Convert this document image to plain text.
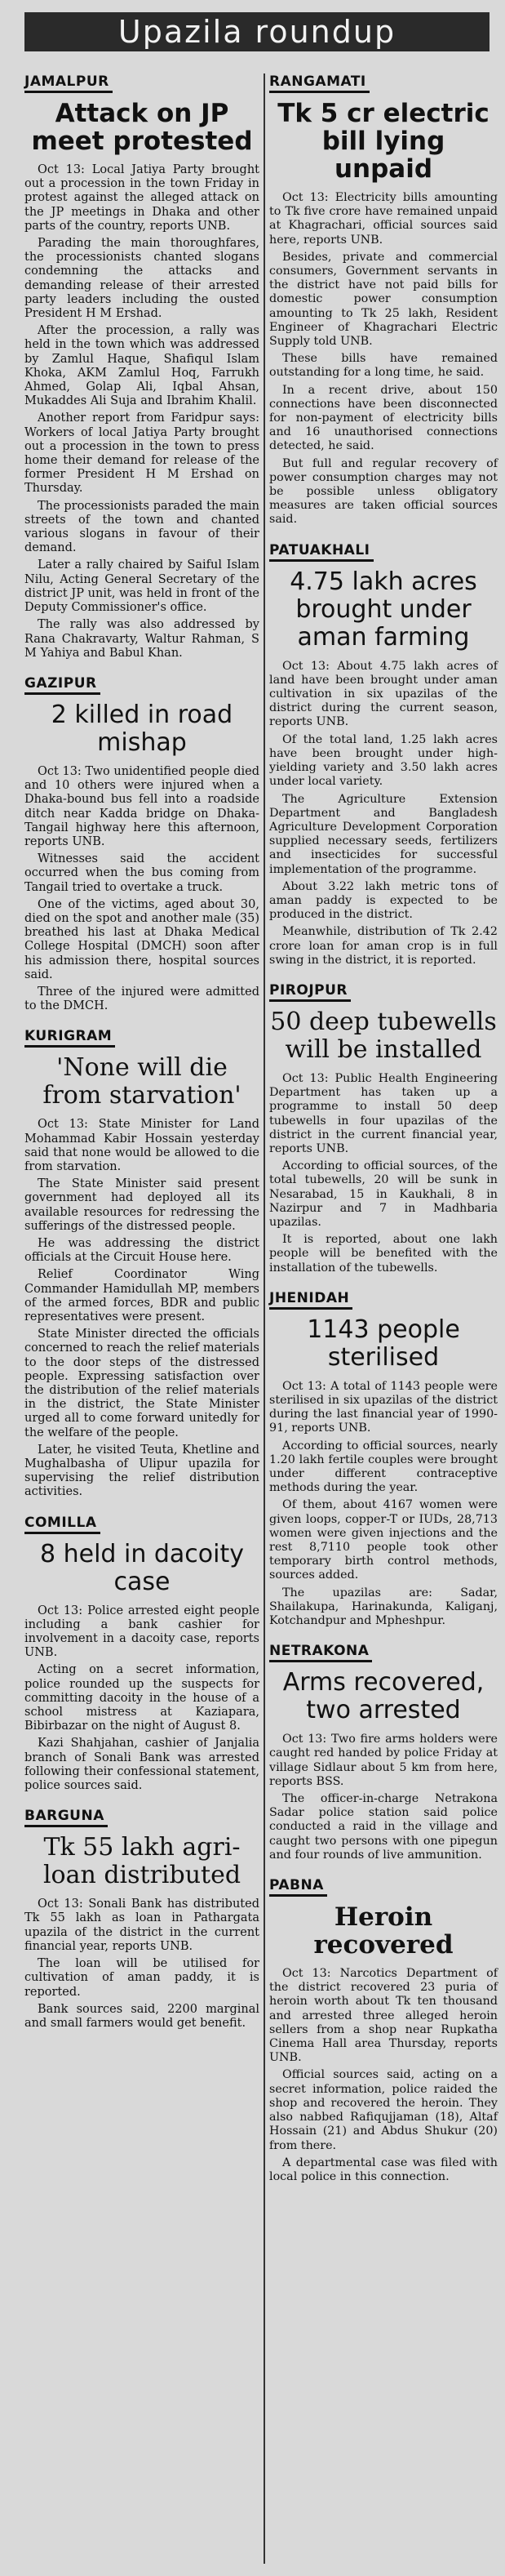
Upazila roundup
JAMALPUR
Attack on JP meet protested

Oct 13: Local Jatiya Party brought out a procession in the town Friday in protest against the alleged attack on the JP meetings in Dhaka and other parts of the country, reports UNB.

Parading the main thoroughfares, the processionists chanted slogans condemning the attacks and demanding release of their arrested party leaders including the ousted President H M Ershad.

After the procession, a rally was held in the town which was addressed by Zamlul Haque, Shafiqul Islam Khoka, AKM Zamlul Hoq, Farrukh Ahmed, Golap Ali, Iqbal Ahsan, Mukaddes Ali Suja and Ibrahim Khalil.

Another report from Faridpur says: Workers of local Jatiya Party brought out a procession in the town to press home their demand for release of the former President H M Ershad on Thursday.

The processionists paraded the main streets of the town and chanted various slogans in favour of their demand.

Later a rally chaired by Saiful Islam Nilu, Acting General Secretary of the district JP unit, was held in front of the Deputy Commissioner's office.

The rally was also addressed by Rana Chakravarty, Waltur Rahman, S M Yahiya and Babul Khan.

GAZIPUR
2 killed in road mishap

Oct 13: Two unidentified people died and 10 others were injured when a Dhaka-bound bus fell into a roadside ditch near Kadda bridge on Dhaka-Tangail highway here this afternoon, reports UNB.

Witnesses said the accident occurred when the bus coming from Tangail tried to overtake a truck.

One of the victims, aged about 30, died on the spot and another male (35) breathed his last at Dhaka Medical College Hospital (DMCH) soon after his admission there, hospital sources said.

Three of the injured were admitted to the DMCH.

KURIGRAM
'None will die from starvation'

Oct 13: State Minister for Land Mohammad Kabir Hossain yesterday said that none would be allowed to die from starvation.

The State Minister said present government had deployed all its available resources for redressing the sufferings of the distressed people.

He was addressing the district officials at the Circuit House here.

Relief Coordinator Wing Commander Hamidullah MP, members of the armed forces, BDR and public representatives were present.

State Minister directed the officials concerned to reach the relief materials to the door steps of the distressed people. Expressing satisfaction over the distribution of the relief materials in the district, the State Minister urged all to come forward unitedly for the welfare of the people.

Later, he visited Teuta, Khetline and Mughalbasha of Ulipur upazila for supervising the relief distribution activities.

COMILLA
8 held in dacoity case

Oct 13: Police arrested eight people including a bank cashier for involvement in a dacoity case, reports UNB.

Acting on a secret information, police rounded up the suspects for committing dacoity in the house of a school mistress at Kaziapara, Bibirbazar on the night of August 8.

Kazi Shahjahan, cashier of Janjalia branch of Sonali Bank was arrested following their confessional statement, police sources said.

BARGUNA
Tk 55 lakh agri-loan distributed

Oct 13: Sonali Bank has distributed Tk 55 lakh as loan in Pathargata upazila of the district in the current financial year, reports UNB.

The loan will be utilised for cultivation of aman paddy, it is reported.

Bank sources said, 2200 marginal and small farmers would get benefit.

RANGAMATI
Tk 5 cr electric bill lying unpaid

Oct 13: Electricity bills amounting to Tk five crore have remained unpaid at Khagrachari, official sources said here, reports UNB.

Besides, private and commercial consumers, Government servants in the district have not paid bills for domestic power consumption amounting to Tk 25 lakh, Resident Engineer of Khagrachari Electric Supply told UNB.

These bills have remained outstanding for a long time, he said.

In a recent drive, about 150 connections have been disconnected for non-payment of electricity bills and 16 unauthorised connections detected, he said.

But full and regular recovery of power consumption charges may not be possible unless obligatory measures are taken official sources said.

PATUAKHALI
4.75 lakh acres brought under aman farming

Oct 13: About 4.75 lakh acres of land have been brought under aman cultivation in six upazilas of the district during the current season, reports UNB.

Of the total land, 1.25 lakh acres have been brought under high-yielding variety and 3.50 lakh acres under local variety.

The Agriculture Extension Department and Bangladesh Agriculture Development Corporation supplied necessary seeds, fertilizers and insecticides for successful implementation of the programme.

About 3.22 lakh metric tons of aman paddy is expected to be produced in the district.

Meanwhile, distribution of Tk 2.42 crore loan for aman crop is in full swing in the district, it is reported.

PIROJPUR
50 deep tubewells will be installed

Oct 13: Public Health Engineering Department has taken up a programme to install 50 deep tubewells in four upazilas of the district in the current financial year, reports UNB.

According to official sources, of the total tubewells, 20 will be sunk in Nesarabad, 15 in Kaukhali, 8 in Nazirpur and 7 in Madhbaria upazilas.

It is reported, about one lakh people will be benefited with the installation of the tubewells.

JHENIDAH
1143 people sterilised

Oct 13: A total of 1143 people were sterilised in six upazilas of the district during the last financial year of 1990-91, reports UNB.

According to official sources, nearly 1.20 lakh fertile couples were brought under different contraceptive methods during the year.

Of them, about 4167 women were given loops, copper-T or IUDs, 28,713 women were given injections and the rest 8,7110 people took other temporary birth control methods, sources added.

The upazilas are: Sadar, Shailakupa, Harinakunda, Kaliganj, Kotchandpur and Mpheshpur.

NETRAKONA
Arms recovered, two arrested

Oct 13: Two fire arms holders were caught red handed by police Friday at village Sidlaur about 5 km from here, reports BSS.

The officer-in-charge Netrakona Sadar police station said police conducted a raid in the village and caught two persons with one pipegun and four rounds of live ammunition.

PABNA
Heroin recovered

Oct 13: Narcotics Department of the district recovered 23 puria of heroin worth about Tk ten thousand and arrested three alleged heroin sellers from a shop near Rupkatha Cinema Hall area Thursday, reports UNB.

Official sources said, acting on a secret information, police raided the shop and recovered the heroin. They also nabbed Rafiqujjaman (18), Altaf Hossain (21) and Abdus Shukur (20) from there.

A departmental case was filed with local police in this connection.
